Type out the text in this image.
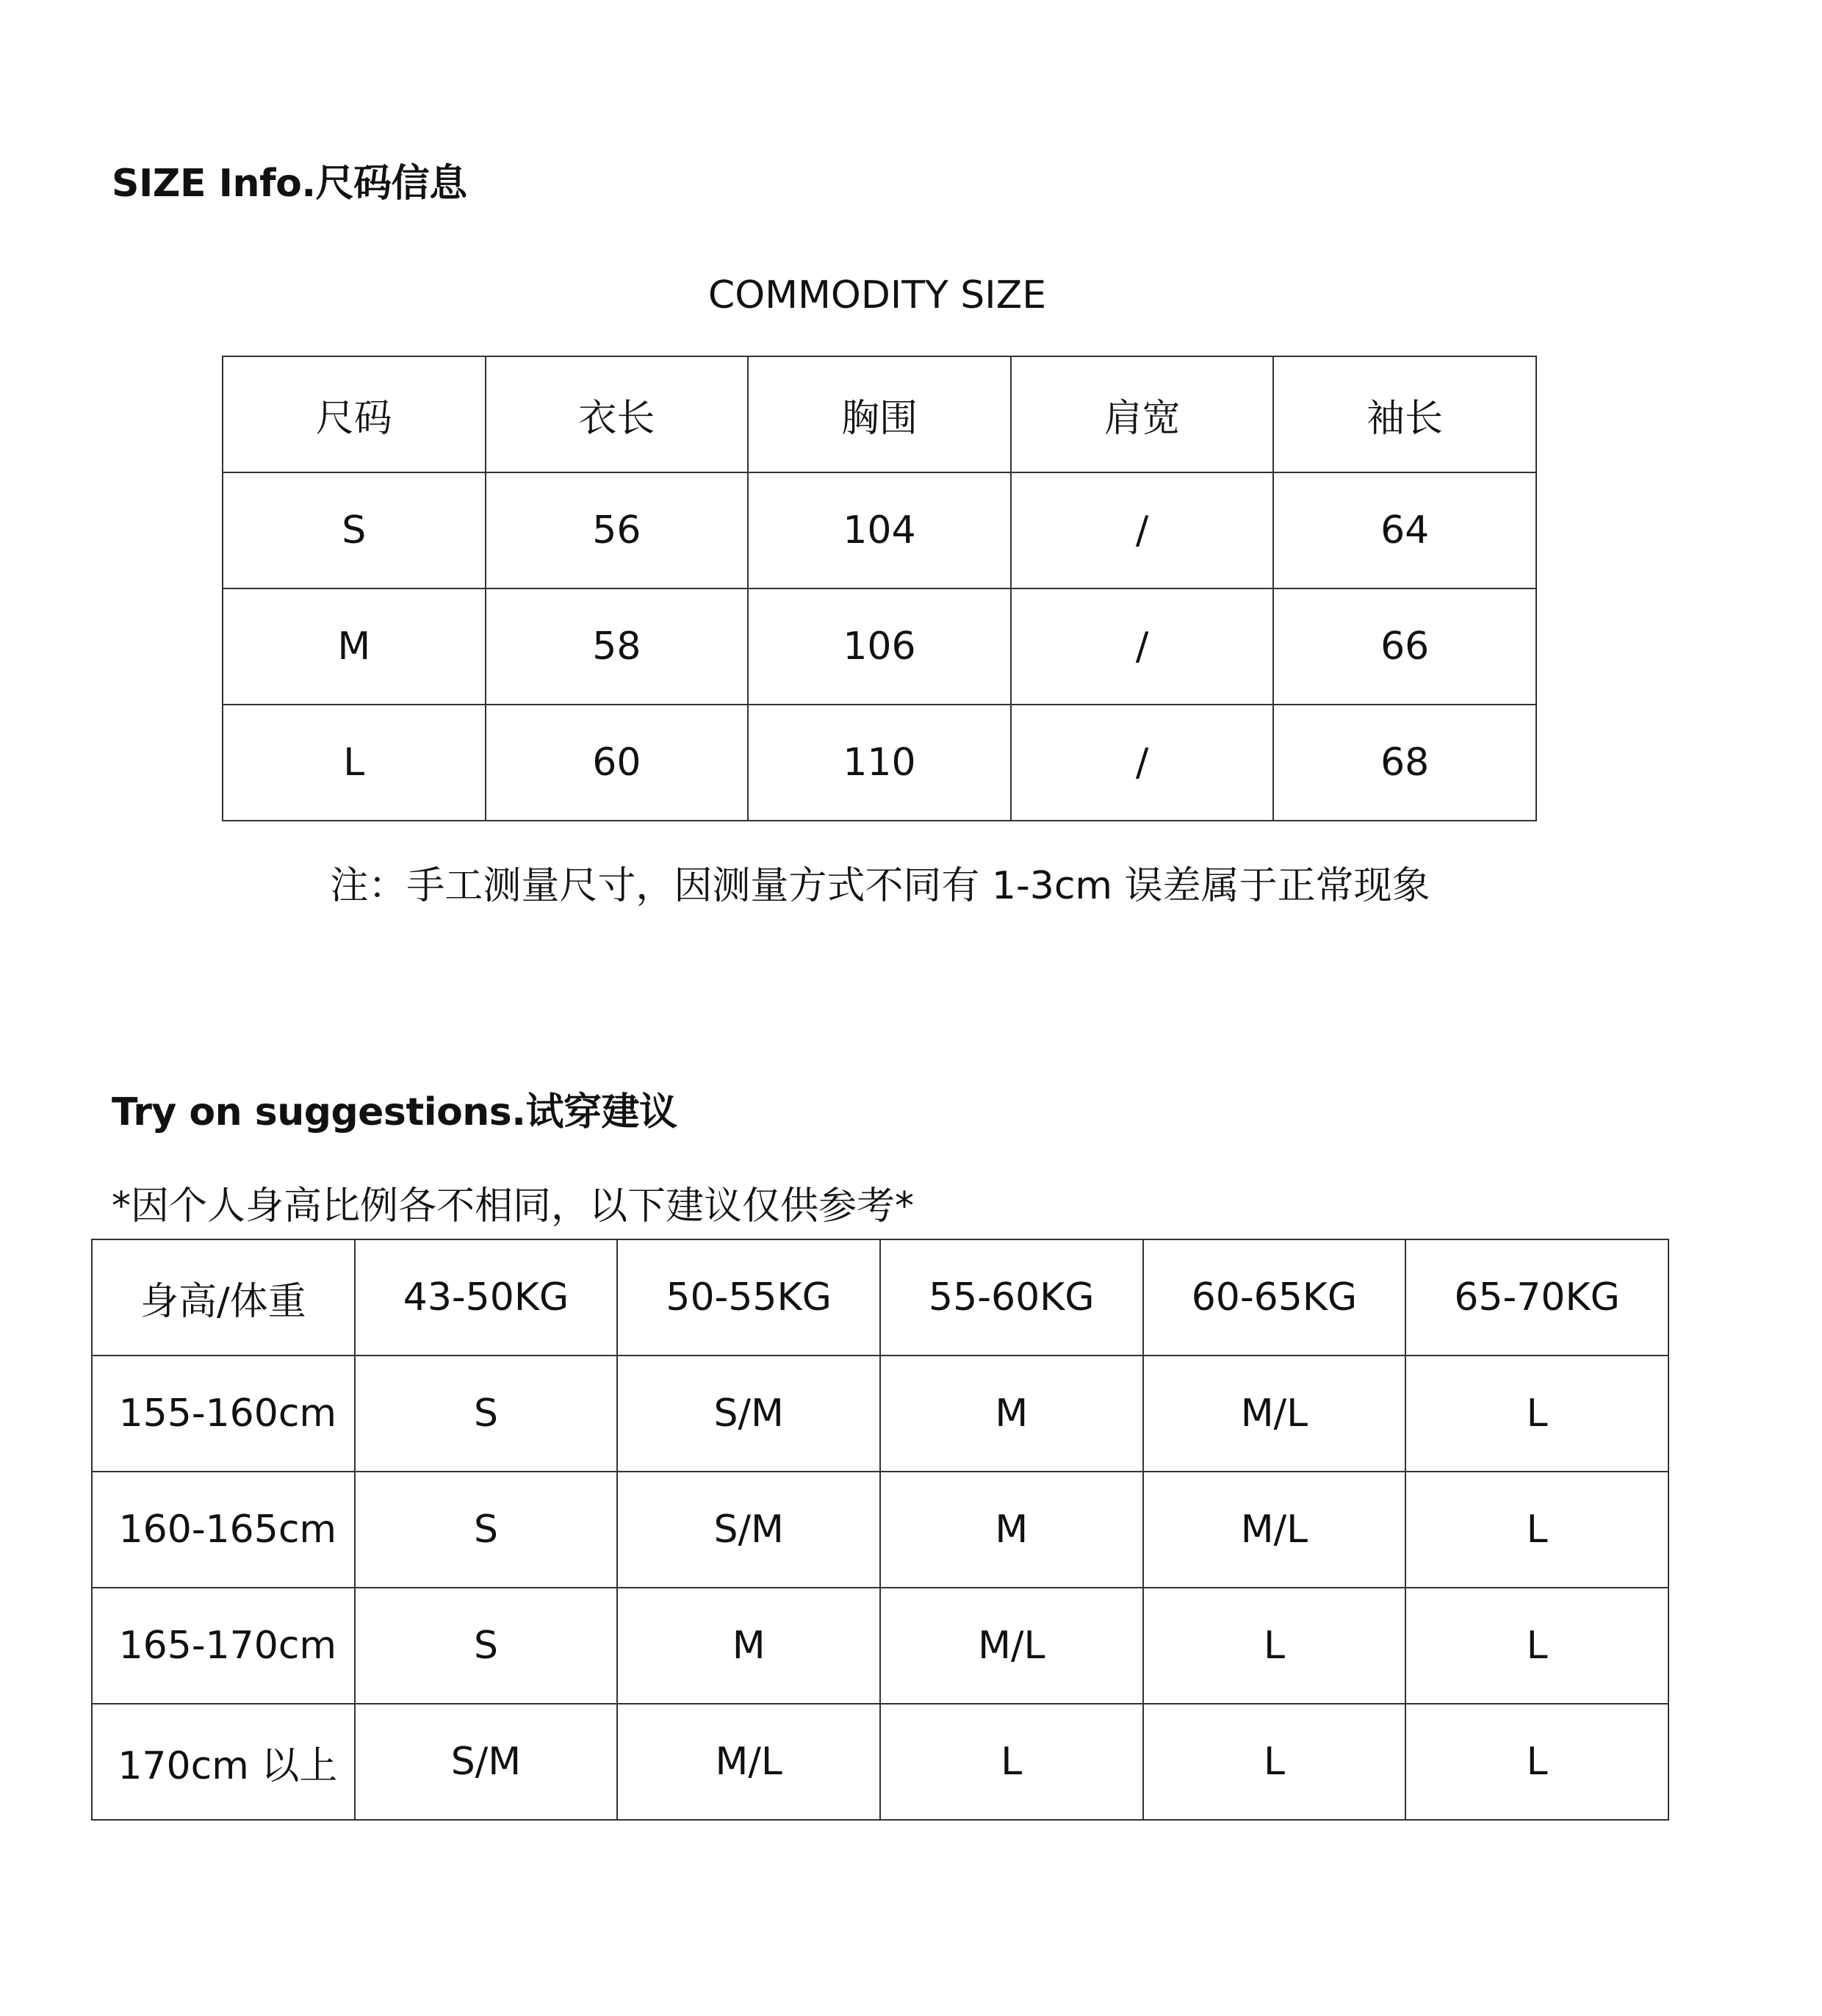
SIZE Info.尺码信息
COMMODITY SIZE
尺码	衣长	胸围	肩宽	袖长
S	56	104	/	64
M	58	106	/	66
L	60	110	/	68
注：手工测量尺寸，因测量方式不同有 1-3cm 误差属于正常现象
Try on suggestions.试穿建议
*因个人身高比例各不相同，以下建议仅供参考*
身高/体重	43-50KG	50-55KG	55-60KG	60-65KG	65-70KG
155-160cm	S	S/M	M	M/L	L
160-165cm	S	S/M	M	M/L	L
165-170cm	S	M	M/L	L	L
170cm 以上	S/M	M/L	L	L	L
